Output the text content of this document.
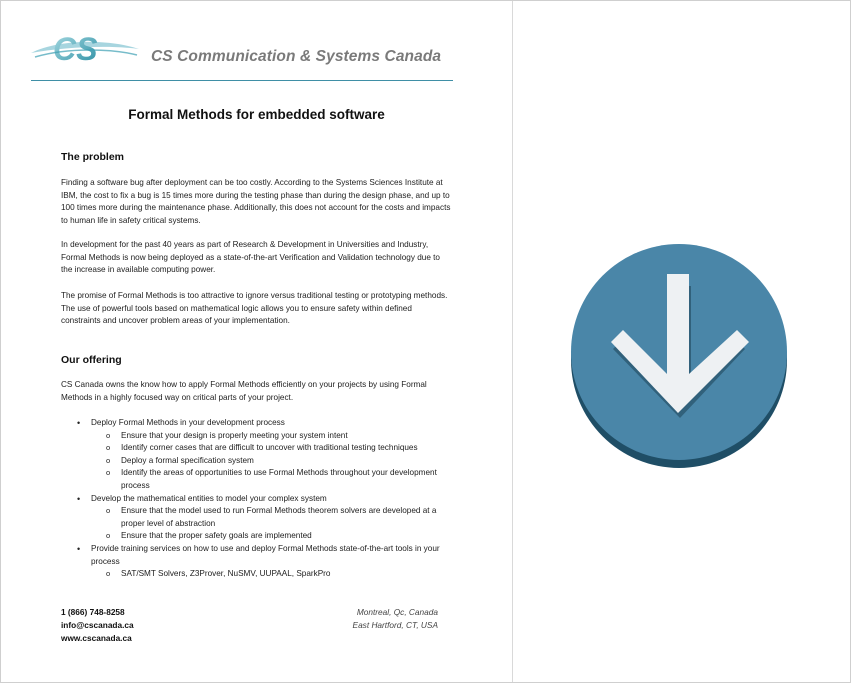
CS	CS Communication & Systems Canada
Formal Methods for embedded software
The problem
Finding a software bug after deployment can be too costly. According to the Systems Sciences Institute at IBM, the cost to fix a bug is 15 times more during the testing phase than during the design phase, and up to 100 times more during the maintenance phase. Additionally, this does not account for the costs and impacts to human life in safety critical systems.
In development for the past 40 years as part of Research & Development in Universities and Industry, Formal Methods is now being deployed as a state-of-the-art Verification and Validation technology due to the increase in available computing power.
The promise of Formal Methods is too attractive to ignore versus traditional testing or prototyping methods. The use of powerful tools based on mathematical logic allows you to ensure safety within defined constraints and uncover problem areas of your implementation.
Our offering
CS Canada owns the know how to apply Formal Methods efficiently on your projects by using Formal Methods in a highly focused way on critical parts of your project.
• Deploy Formal Methods in your development process
o Ensure that your design is properly meeting your system intent
o Identify corner cases that are difficult to uncover with traditional testing techniques
o Deploy a formal specification system
o Identify the areas of opportunities to use Formal Methods throughout your development process
• Develop the mathematical entities to model your complex system
o Ensure that the model used to run Formal Methods theorem solvers are developed at a proper level of abstraction
o Ensure that the proper safety goals are implemented
• Provide training services on how to use and deploy Formal Methods state-of-the-art tools in your process
o SAT/SMT Solvers, Z3Prover, NuSMV, UUPAAL, SparkPro
1 (866) 748-8258
info@cscanada.ca
www.cscanada.ca
Montreal, Qc, Canada
East Hartford, CT, USA
